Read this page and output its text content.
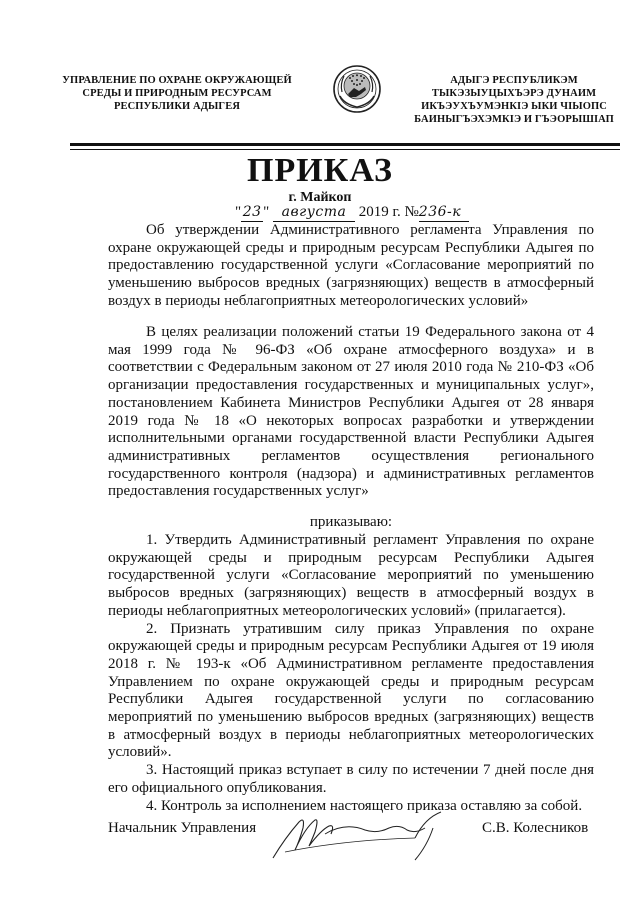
УПРАВЛЕНИЕ ПО ОХРАНЕ ОКРУЖАЮЩЕЙ
СРЕДЫ И ПРИРОДНЫМ РЕСУРСАМ
РЕСПУБЛИКИ АДЫГЕЯ
АДЫГЭ РЕСПУБЛИКЭМ
ТЫКЭЗЫУЦЫХЪЭРЭ ДУНАИМ
ИКЪЭУХЪУМЭНКIЭ ЫКИ ЧIЫОПС
БАИНЫГЪЭХЭМКIЭ И ГЪЭОРЫШIАП
ПРИКАЗ
г. Майкоп
" 23 " августа 2019 г. №236-к
Об утверждении Административного регламента Управления по
охране окружающей среды и природным ресурсам Республики Адыгея по
предоставлению государственной услуги «Согласование мероприятий по
уменьшению выбросов вредных (загрязняющих) веществ в атмосферный
воздух в периоды неблагоприятных метеорологических условий»
В целях реализации положений статьи 19 Федерального закона от 4
мая 1999 года № 96-ФЗ «Об охране атмосферного воздуха» и в
соответствии с Федеральным законом от 27 июля 2010 года № 210-ФЗ «Об
организации предоставления государственных и муниципальных услуг»,
постановлением Кабинета Министров Республики Адыгея от 28 января
2019 года № 18 «О некоторых вопросах разработки и утверждении
исполнительными органами государственной власти Республики Адыгея
административных регламентов осуществления регионального
государственного контроля (надзора) и административных регламентов
предоставления государственных услуг»
приказываю:
1. Утвердить Административный регламент Управления по охране
окружающей среды и природным ресурсам Республики Адыгея
государственной услуги «Согласование мероприятий по уменьшению
выбросов вредных (загрязняющих) веществ в атмосферный воздух в
периоды неблагоприятных метеорологических условий» (прилагается).
2. Признать утратившим силу приказ Управления по охране
окружающей среды и природным ресурсам Республики Адыгея от 19 июля
2018 г. № 193-к «Об Административном регламенте предоставления
Управлением по охране окружающей среды и природным ресурсам
Республики Адыгея государственной услуги по согласованию
мероприятий по уменьшению выбросов вредных (загрязняющих) веществ
в атмосферный воздух в периоды неблагоприятных метеорологических
условий».
3. Настоящий приказ вступает в силу по истечении 7 дней после дня
его официального опубликования.
4. Контроль за исполнением настоящего приказа оставляю за собой.
Начальник Управления	С.В. Колесников
